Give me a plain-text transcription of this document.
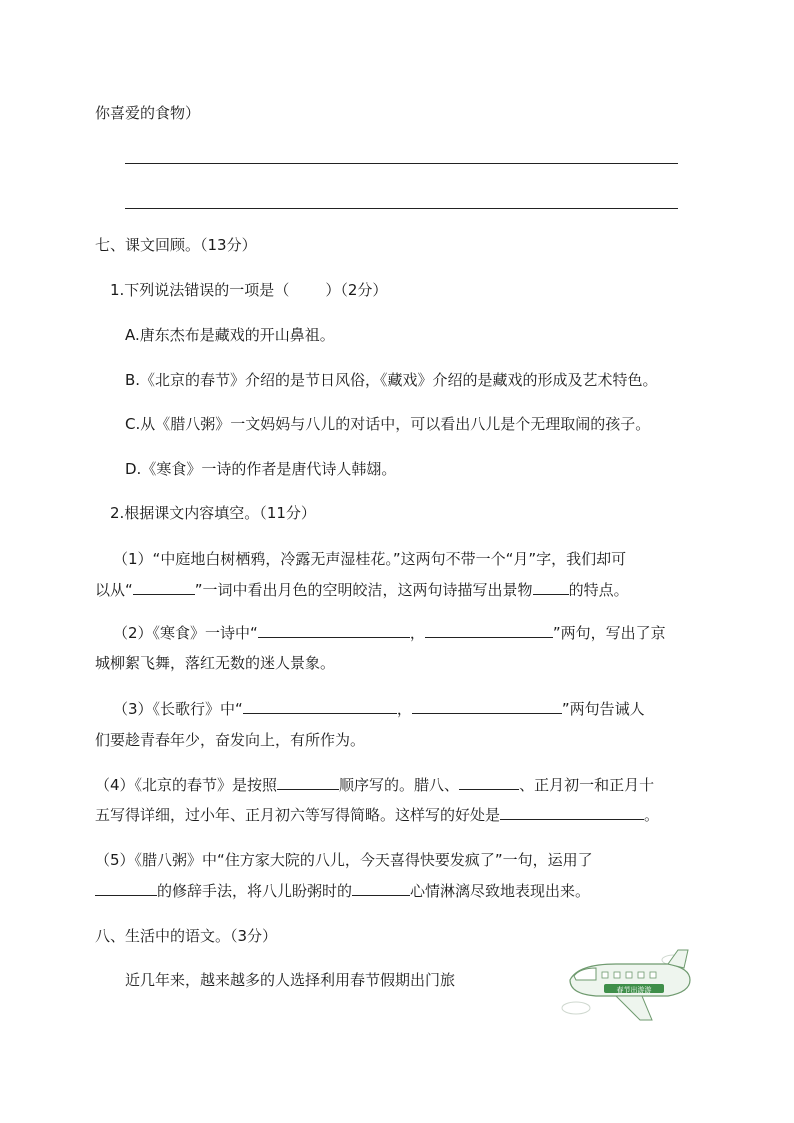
你喜爱的食物）
七、课文回顾。（13分）
1.下列说法错误的一项是（ ）（2分）
A.唐东杰布是藏戏的开山鼻祖。
B.《北京的春节》介绍的是节日风俗，《藏戏》介绍的是藏戏的形成及艺术特色。
C.从《腊八粥》一文妈妈与八儿的对话中，可以看出八儿是个无理取闹的孩子。
D.《寒食》一诗的作者是唐代诗人韩翃。
2.根据课文内容填空。（11分）
（1）“中庭地白树栖鸦，冷露无声湿桂花。”这两句不带一个“月”字，我们却可
以从“	”一词中看出月色的空明皎洁，这两句诗描写出景物 的特点。
（2）《寒食》一诗中“	，	”两句，写出了京
城柳絮飞舞，落红无数的迷人景象。
（3）《长歌行》中“	，	”两句告诫人
们要趁青春年少，奋发向上，有所作为。
（4）《北京的春节》是按照	顺序写的。腊八、	、正月初一和正月十
五写得详细，过小年、正月初六等写得简略。这样写的好处是	。
（5）《腊八粥》中“住方家大院的八儿，今天喜得快要发疯了”一句，运用了
的修辞手法，将八儿盼粥时的	心情淋漓尽致地表现出来。
八、生活中的语文。（3分）
近几年来，越来越多的人选择利用春节假期出门旅
春节出游游
